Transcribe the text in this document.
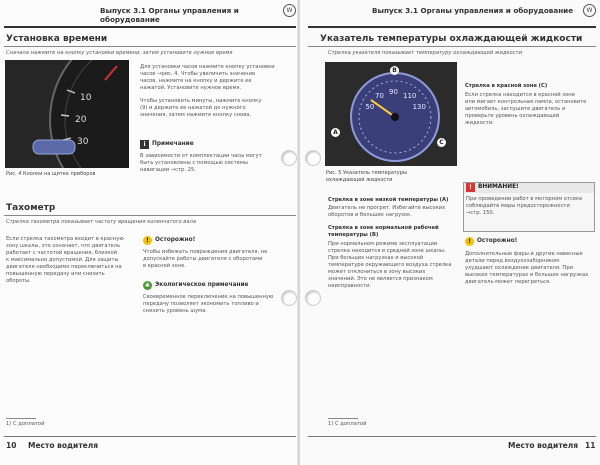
Выпуск 3.1 Органы управления и оборудование
W
Установка времени
Сначала нажмите на кнопку установки времени, затем установите нужное время
10
20
30
Рис. 4 Кнопки на щитке приборов
Для установки часов нажмите кнопку установки
часов →рис. 4. Чтобы увеличить значение
часов, нажмите на кнопку и держите ее
нажатой. Установите нужное время.
Чтобы установить минуты, нажмите кнопку
(9) и держите ее нажатой до нужного
значения, затем нажмите кнопку снова.
i	Примечание
В зависимости от комплектации часы могут
быть установлены с помощью системы
навигации →стр. 25.
Тахометр
Стрелка тахометра показывает частоту вращения коленчатого вала
Если стрелка тахометра входит в красную
зону шкалы, это означает, что двигатель
работает с частотой вращения, близкой
к максимально допустимой. Для защиты
двигателя необходимо переключиться на
повышенную передачу или снизить
обороты.
!	Осторожно!
Чтобы избежать повреждения двигателя, не
допускайте работы двигателя с оборотами
в красной зоне.
♣ Экологическое примечание
Своевременное переключение на повышенную
передачу позволяет экономить топливо и
снизить уровень шума.
1) С доплатой
10 Место водителя
Выпуск 3.1 Органы управления и оборудование	W
Указатель температуры охлаждающей жидкости
Стрелка указателя показывает температуру охлаждающей жидкости
50
70
90
110
130
A
B
C
Рис. 5 Указатель температуры
охлаждающей жидкости
Стрелка в зоне низкой температуры (A)
Двигатель не прогрет. Избегайте высоких
оборотов и больших нагрузок.
Стрелка в зоне нормальной рабочей
температуры (B)
При нормальном режиме эксплуатации
стрелка находится в средней зоне шкалы.
При больших нагрузках и высокой
температуре окружающего воздуха стрелка
может отклониться в зону высоких
значений. Это не является признаком
неисправности.
Стрелка в красной зоне (C)
Если стрелка находится в красной зоне
или мигает контрольная лампа, остановите
автомобиль, заглушите двигатель и
проверьте уровень охлаждающей
жидкости.
!	ВНИМАНИЕ!
При проведении работ в моторном отсеке
соблюдайте меры предосторожности
→стр. 150.
!	Осторожно!
Дополнительные фары и другие навесные
детали перед воздухозаборником
ухудшают охлаждение двигателя. При
высоких температурах и больших нагрузках
двигатель может перегреться.
1) С доплатой
Место водителя 11
